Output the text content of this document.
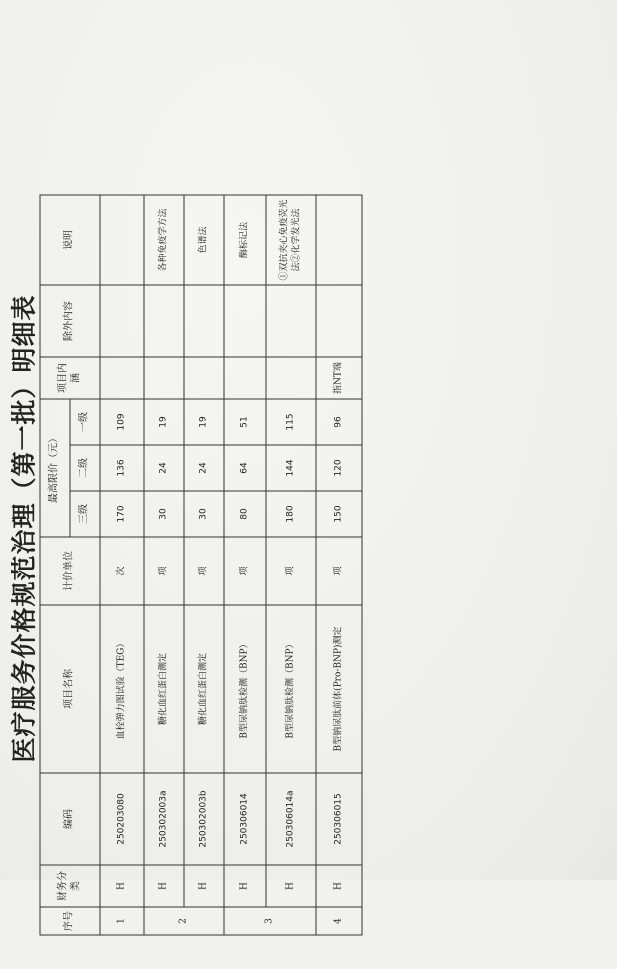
医疗服务价格规范治理（第一批）明细表
序号	财务分类	编码	项目名称	计价单位	最高限价（元）			项目内涵	除外内容	说明
					三级	二级	一级			
1	H	250203080	血栓弹力图试验（TEG）	次	170	136	109			
2	H	250302003a	糖化血红蛋白测定	项	30	24	19			各种免疫学方法
	H	250302003b	糖化血红蛋白测定	项	30	24	19			色谱法
3	H	250306014	B型尿钠肽检测（BNP）	项	80	64	51			酶标记法
	H	250306014a	B型尿钠肽检测（BNP）	项	180	144	115			①双抗夹心免疫荧光法②化学发光法
4	H	250306015	B型钠尿肽前体(Pro-BNP)测定	项	150	120	96	指NT端		
